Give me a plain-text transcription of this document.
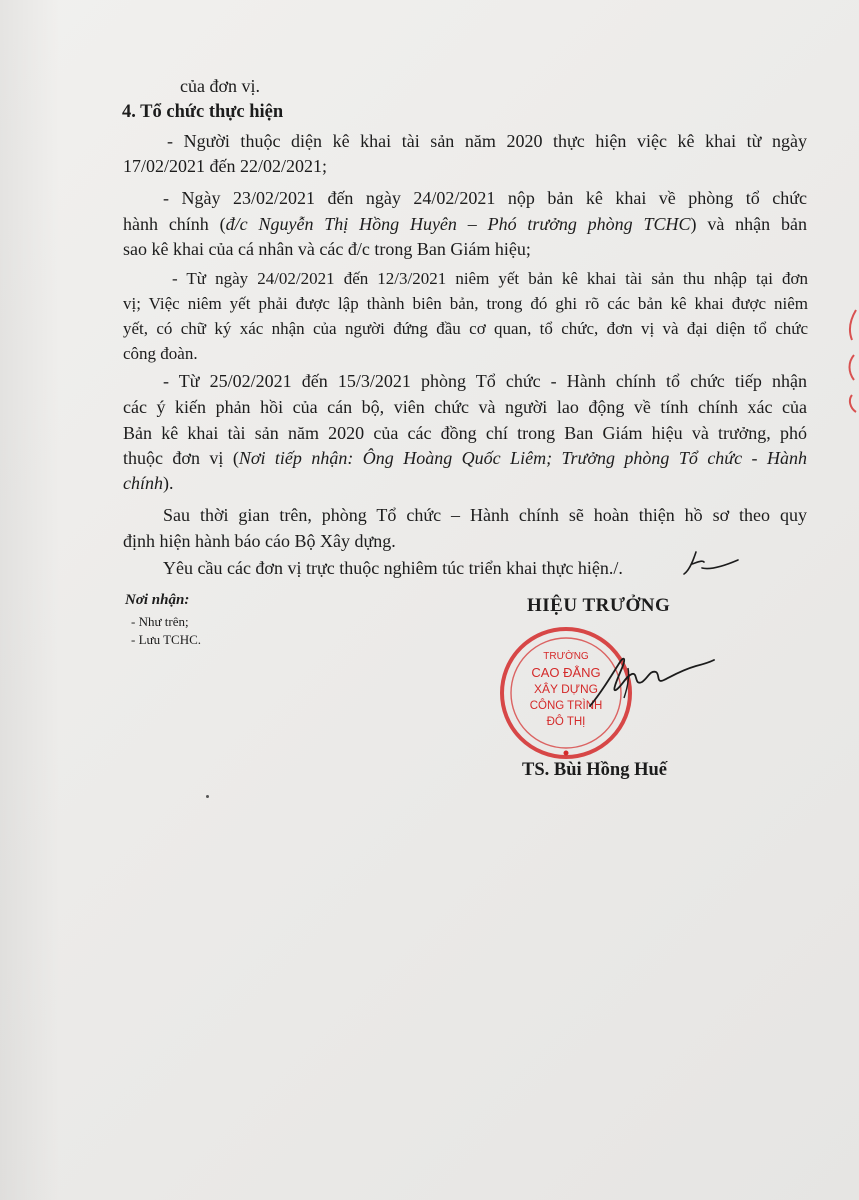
của đơn vị.
4. Tổ chức thực hiện
- Người thuộc diện kê khai tài sản năm 2020 thực hiện việc kê khai từ ngày
17/02/2021 đến 22/02/2021;
- Ngày 23/02/2021 đến ngày 24/02/2021 nộp bản kê khai về phòng tổ chức
hành chính (đ/c Nguyễn Thị Hồng Huyên – Phó trưởng phòng TCHC) và nhận bản
sao kê khai của cá nhân và các đ/c trong Ban Giám hiệu;
- Từ ngày 24/02/2021 đến 12/3/2021 niêm yết bản kê khai tài sản thu nhập tại đơn
vị; Việc niêm yết phải được lập thành biên bản, trong đó ghi rõ các bản kê khai được niêm
yết, có chữ ký xác nhận của người đứng đầu cơ quan, tổ chức, đơn vị và đại diện tổ chức
công đoàn.
- Từ 25/02/2021 đến 15/3/2021 phòng Tổ chức - Hành chính tổ chức tiếp nhận
các ý kiến phản hồi của cán bộ, viên chức và người lao động về tính chính xác của
Bản kê khai tài sản năm 2020 của các đồng chí trong Ban Giám hiệu và trưởng, phó
thuộc đơn vị (Nơi tiếp nhận: Ông Hoàng Quốc Liêm; Trưởng phòng Tổ chức - Hành
chính).
Sau thời gian trên, phòng Tổ chức – Hành chính sẽ hoàn thiện hồ sơ theo quy
định hiện hành báo cáo Bộ Xây dựng.
Yêu cầu các đơn vị trực thuộc nghiêm túc triển khai thực hiện./.
Nơi nhận:
- Như trên;
- Lưu TCHC.
HIỆU TRƯỞNG
TRƯỜNG
CAO ĐẲNG
XÂY DỰNG
CÔNG TRÌNH
ĐÔ THỊ
TS. Bùi Hồng Huế
